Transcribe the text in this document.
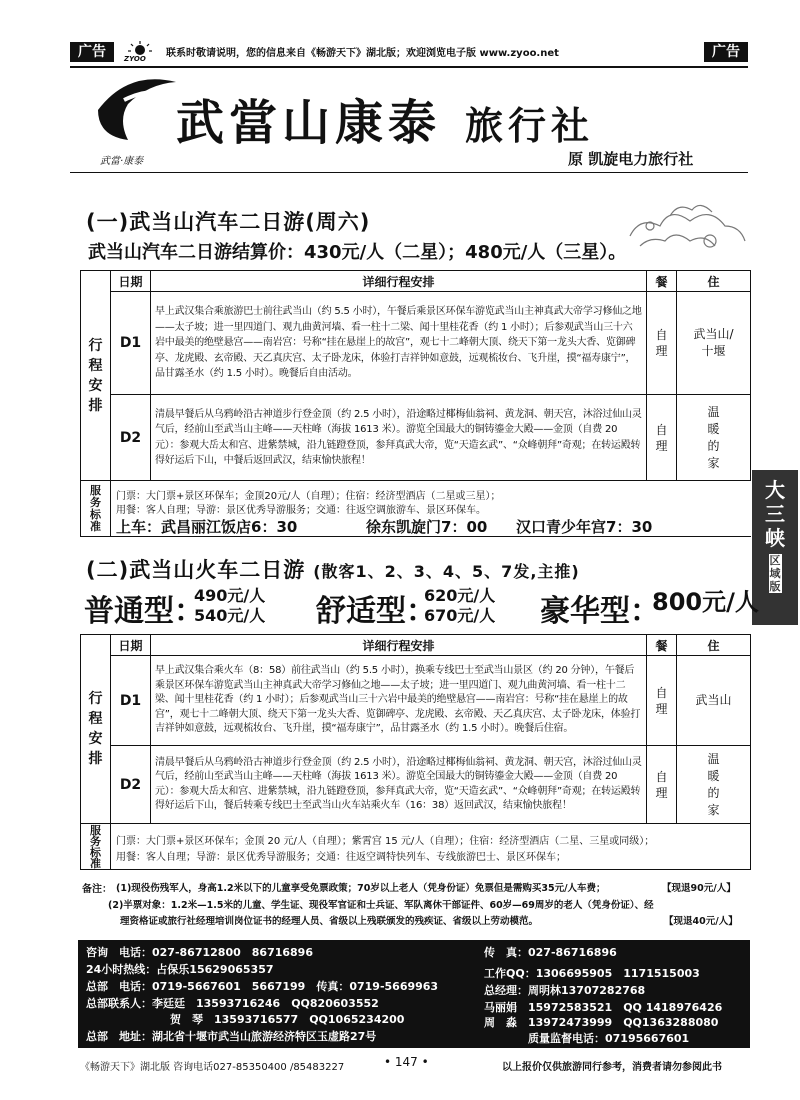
广告	广告
ZYOO 联系时敬请说明，您的信息来自《畅游天下》湖北版；欢迎浏览电子版 www.zyoo.net
武當·康泰
武當山康泰 旅行社
原 凯旋电力旅行社
(一)武当山汽车二日游(周六)
武当山汽车二日游结算价：430元/人（二星）；480元/人（三星）。
行程安排	日期	详细行程安排	餐	住
	D1	早上武汉集合乘旅游巴士前往武当山（约 5.5 小时），午餐后乘景区环保车游览武当山主神真武大帝学习修仙之地——太子坡；进一里四道门、观九曲黄河墙、看一柱十二梁、闻十里桂花香（约 1 小时）；后参观武当山三十六岩中最美的绝壁悬宫——南岩宫：号称“挂在悬崖上的故宫”，观七十二峰朝大顶、绕天下第一龙头大香、览御碑亭、龙虎殿、玄帝殿、天乙真庆宫、太子卧龙床，体验打吉祥钟如意鼓，远观梳妆台、飞升崖，摸“福寿康宁”，品甘露圣水（约 1.5 小时）。晚餐后自由活动。	自理	武当山/十堰

	D2	清晨早餐后从乌鸦岭沿古神道步行登金顶（约 2.5 小时），沿途略过椰梅仙翁祠、黄龙洞、朝天宫，沐浴过仙山灵气后，经前山至武当山主峰——天柱峰（海拔 1613 米）。游览全国最大的铜铸鎏金大殿——金顶（自费 20 元）：参观大岳太和宫、进紫禁城，沿九链蹬登顶，参拜真武大帝，览“天造玄武”、“众峰朝拜”奇观；在转运殿转得好运后下山，中餐后返回武汉，结束愉快旅程！	自理	温暖的家

服务标准				

门票：大门票+景区环保车；金顶20元/人（自理）；住宿：经济型酒店（二星或三星）；
用餐：客人自理；导游：景区优秀导游服务；交通：往返空调旅游车、景区环保车。
上车：武昌丽江饭店6：30	徐东凯旋门7：00 汉口青少年宫7：30
大三峡
区域版
(二)武当山火车二日游 (散客1、2、3、4、5、7发,主推)
普通型：
490元/人
540元/人 舒适型：
620元/人
670元/人 豪华型：
800元/人
行程安排	日期	详细行程安排	餐	住
	D1	早上武汉集合乘火车（8：58）前往武当山（约 5.5 小时），换乘专线巴士至武当山景区（约 20 分钟），午餐后乘景区环保车游览武当山主神真武大帝学习修仙之地——太子坡；进一里四道门、观九曲黄河墙、看一柱十二梁、闻十里桂花香（约 1 小时）；后参观武当山三十六岩中最美的绝壁悬宫——南岩宫：号称“挂在悬崖上的故宫”，观七十二峰朝大顶、绕天下第一龙头大香、览御碑亭、龙虎殿、玄帝殿、天乙真庆宫、太子卧龙床，体验打吉祥钟如意鼓，远观梳妆台、飞升崖，摸“福寿康宁”，品甘露圣水（约 1.5 小时）。晚餐后住宿。	自理	武当山
	D2	清晨早餐后从乌鸦岭沿古神道步行登金顶（约 2.5 小时），沿途略过椰梅仙翁祠、黄龙洞、朝天宫，沐浴过仙山灵气后，经前山至武当山主峰——天柱峰（海拔 1613 米）。游览全国最大的铜铸鎏金大殿——金顶（自费 20 元）：参观大岳太和宫、进紫禁城，沿九链蹬登顶，参拜真武大帝，览“天造玄武”、“众峰朝拜”奇观；在转运殿转得好运后下山，餐后转乘专线巴士至武当山火车站乘火车（16：38）返回武汉，结束愉快旅程！	自理	温暖的家

服务标准				

门票：大门票+景区环保车；金顶 20 元/人（自理）；紫霄宫 15 元/人（自理）；住宿：经济型酒店（二星、三星或同级）；
用餐：客人自理；导游：景区优秀导游服务；交通：往返空调特快列车、专线旅游巴士、景区环保车；
备注： (1)现役伤残军人，身高1.2米以下的儿童享受免票政策；70岁以上老人（凭身份证）免票但是需购买35元/人车费；	【现退90元/人】
(2)半票对象：1.2米—1.5米的儿童、学生证、现役军官证和士兵证、军队离休干部证件、60岁—69周岁的老人（凭身份证）、经
理资格证或旅行社经理培训岗位证书的经理人员、省级以上残联颁发的残疾证、省级以上劳动模范。	【现退40元/人】
咨询　电话：027-86712800　86716896
24小时热线：占保乐15629065357
总部　电话：0719-5667601　5667199　传真：0719-5669963
总部联系人：李廷廷　13593716246　QQ820603552
贺　琴　13593716577　QQ1065234200
总部　地址：湖北省十堰市武当山旅游经济特区玉虚路27号
传　真：027-86716896
工作QQ：1306695905　1171515003
总经理：周明林13707282768
马丽娟　15972583521　QQ 1418976426
周　淼　13972473999　QQ1363288080
质量监督电话：07195667601
《畅游天下》湖北版 咨询电话027-85350400 /85483227	• 147 •	以上报价仅供旅游同行参考，消费者请勿参阅此书
